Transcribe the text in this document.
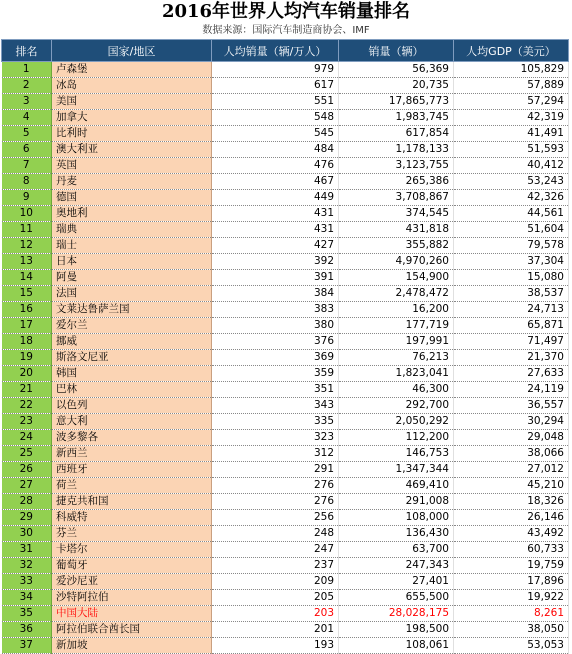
2016年世界人均汽车销量排名
数据来源：国际汽车制造商协会、IMF
排名	国家/地区	人均销量（辆/万人）	销量（辆）	人均GDP（美元）
1	卢森堡	979	56,369	105,829
2	冰岛	617	20,735	57,889
3	美国	551	17,865,773	57,294
4	加拿大	548	1,983,745	42,319
5	比利时	545	617,854	41,491
6	澳大利亚	484	1,178,133	51,593
7	英国	476	3,123,755	40,412
8	丹麦	467	265,386	53,243
9	德国	449	3,708,867	42,326
10	奥地利	431	374,545	44,561
11	瑞典	431	431,818	51,604
12	瑞士	427	355,882	79,578
13	日本	392	4,970,260	37,304
14	阿曼	391	154,900	15,080
15	法国	384	2,478,472	38,537
16	文莱达鲁萨兰国	383	16,200	24,713
17	爱尔兰	380	177,719	65,871
18	挪威	376	197,991	71,497
19	斯洛文尼亚	369	76,213	21,370
20	韩国	359	1,823,041	27,633
21	巴林	351	46,300	24,119
22	以色列	343	292,700	36,557
23	意大利	335	2,050,292	30,294
24	波多黎各	323	112,200	29,048
25	新西兰	312	146,753	38,066
26	西班牙	291	1,347,344	27,012
27	荷兰	276	469,410	45,210
28	捷克共和国	276	291,008	18,326
29	科威特	256	108,000	26,146
30	芬兰	248	136,430	43,492
31	卡塔尔	247	63,700	60,733
32	葡萄牙	237	247,343	19,759
33	爱沙尼亚	209	27,401	17,896
34	沙特阿拉伯	205	655,500	19,922
35	中国大陆	203	28,028,175	8,261
36	阿拉伯联合酋长国	201	198,500	38,050
37	新加坡	193	108,061	53,053
